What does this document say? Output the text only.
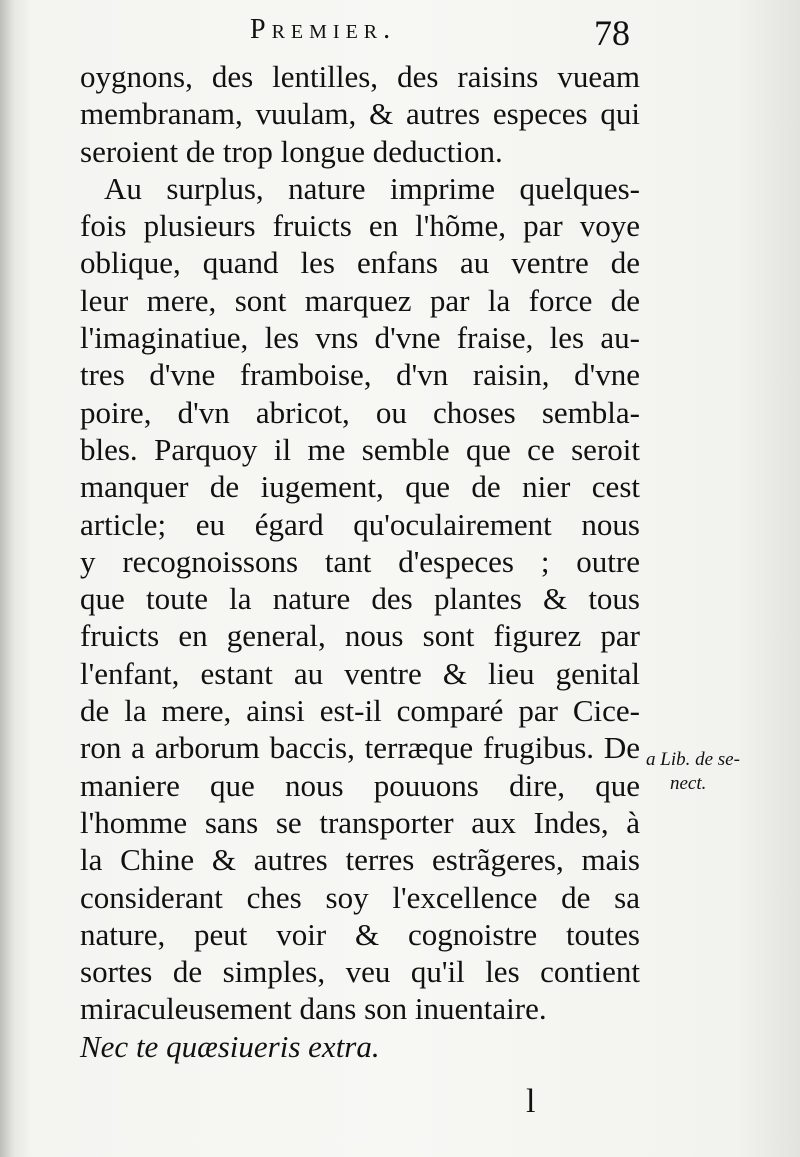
Premier.	78
oygnons, des lentilles, des raisins vueam
membranam, vuulam, & autres especes qui
seroient de trop longue deduction.
Au surplus, nature imprime quelques-
fois plusieurs fruicts en l'hõme, par voye
oblique, quand les enfans au ventre de
leur mere, sont marquez par la force de
l'imaginatiue, les vns d'vne fraise, les au-
tres d'vne framboise, d'vn raisin, d'vne
poire, d'vn abricot, ou choses sembla-
bles. Parquoy il me semble que ce seroit
manquer de iugement, que de nier cest
article; eu égard qu'oculairement nous
y recognoissons tant d'especes ; outre
que toute la nature des plantes & tous
fruicts en general, nous sont figurez par
l'enfant, estant au ventre & lieu genital
de la mere, ainsi est-il comparé par Cice-
ron a arborum baccis, terræque frugibus. De
maniere que nous pouuons dire, que
l'homme sans se transporter aux Indes, à
la Chine & autres terres estrãgeres, mais
considerant ches soy l'excellence de sa
nature, peut voir & cognoistre toutes
sortes de simples, veu qu'il les contient
miraculeusement dans son inuentaire.
Nec te quæsiueris extra.
a Lib. de se-
nect.
l
